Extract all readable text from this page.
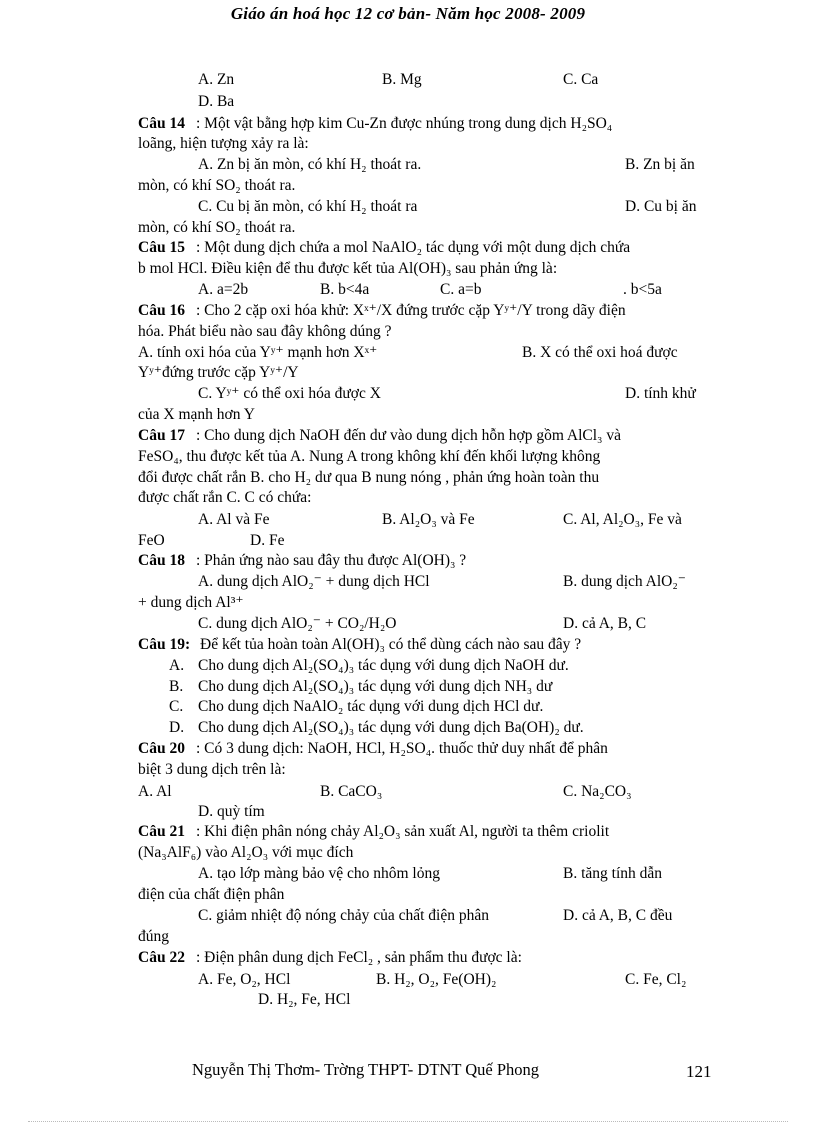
Giáo án hoá học 12 cơ bản- Năm học 2008- 2009
A. Zn	B. Mg	C. Ca
D. Ba
Câu 14 : Một vật bằng hợp kim Cu-Zn được nhúng trong dung dịch H₂SO₄
loãng, hiện tượng xảy ra là:
A. Zn bị ăn mòn, có khí H₂ thoát ra.	B. Zn bị ăn
mòn, có khí SO₂ thoát ra.
C. Cu bị ăn mòn, có khí H₂ thoát ra	D. Cu bị ăn
mòn, có khí SO₂ thoát ra.
Câu 15 : Một dung dịch chứa a mol NaAlO₂ tác dụng với một dung dịch chứa
b mol HCl. Điều kiện để thu được kết tủa Al(OH)₃ sau phản ứng là:
A. a=2b	B. b<4a	C. a=b	. b<5a
Câu 16 : Cho 2 cặp oxi hóa khử: Xˣ⁺/X đứng trước cặp Yʸ⁺/Y trong dãy điện
hóa. Phát biểu nào sau đây không dúng ?
A. tính oxi hóa của Yʸ⁺ mạnh hơn Xˣ⁺	B. X có thể oxi hoá được
Yʸ⁺đứng trước cặp Yʸ⁺/Y
C. Yʸ⁺ có thể oxi hóa được X	D. tính khử
của X mạnh hơn Y
Câu 17 : Cho dung dịch NaOH đến dư vào dung dịch hỗn hợp gồm AlCl₃ và
FeSO₄, thu được kết tủa A. Nung A trong không khí đến khối lượng không
đổi được chất rắn B. cho H₂ dư qua B nung nóng , phản ứng hoàn toàn thu
được chất rắn C. C có chứa:
A. Al và Fe	B. Al₂O₃ và Fe	C. Al, Al₂O₃, Fe và
FeO	D. Fe
Câu 18 : Phản ứng nào sau đây thu được Al(OH)₃ ?
A. dung dịch AlO₂⁻ + dung dịch HCl	B. dung dịch AlO₂⁻
+ dung dịch Al³⁺
C. dung dịch AlO₂⁻ + CO₂/H₂O	D. cả A, B, C
Câu 19: Để kết tủa hoàn toàn Al(OH)₃ có thể dùng cách nào sau đây ?
A. Cho dung dịch Al₂(SO₄)₃ tác dụng với dung dịch NaOH dư.
B. Cho dung dịch Al₂(SO₄)₃ tác dụng với dung dịch NH₃ dư
C. Cho dung dịch NaAlO₂ tác dụng với dung dịch HCl dư.
D. Cho dung dịch Al₂(SO₄)₃ tác dụng với dung dịch Ba(OH)₂ dư.
Câu 20 : Có 3 dung dịch: NaOH, HCl, H₂SO₄. thuốc thử duy nhất để phân
biệt 3 dung dịch trên là:
A. Al	B. CaCO₃	C. Na₂CO₃
D. quỳ tím
Câu 21 : Khi điện phân nóng chảy Al₂O₃ sản xuất Al, người ta thêm criolit
(Na₃AlF₆) vào Al₂O₃ với mục đích
A. tạo lớp màng bảo vệ cho nhôm lỏng	B. tăng tính dẫn
điện của chất điện phân
C. giảm nhiệt độ nóng chảy của chất điện phân	D. cả A, B, C đều
đúng
Câu 22 : Điện phân dung dịch FeCl₂ , sản phẩm thu được là:
A. Fe, O₂, HCl	B. H₂, O₂, Fe(OH)₂	C. Fe, Cl₂
D. H₂, Fe, HCl
Nguyễn Thị Thơm- Trờng THPT- DTNT Quế Phong	121
